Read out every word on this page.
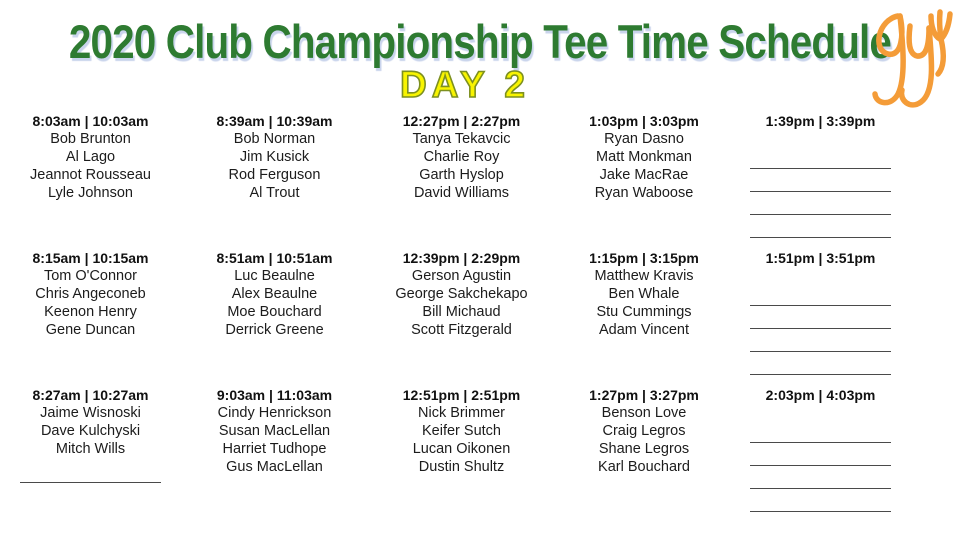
2020 Club Championship Tee Time Schedule
DAY 2
8:03am | 10:03am
Bob Brunton
Al Lago
Jeannot Rousseau
Lyle Johnson
8:39am | 10:39am
Bob Norman
Jim Kusick
Rod Ferguson
Al Trout
12:27pm | 2:27pm
Tanya Tekavcic
Charlie Roy
Garth Hyslop
David Williams
1:03pm | 3:03pm
Ryan Dasno
Matt Monkman
Jake MacRae
Ryan Waboose
1:39pm | 3:39pm
8:15am | 10:15am
Tom O'Connor
Chris Angeconeb
Keenon Henry
Gene Duncan
8:51am | 10:51am
Luc Beaulne
Alex Beaulne
Moe Bouchard
Derrick Greene
12:39pm | 2:29pm
Gerson Agustin
George Sakchekapo
Bill Michaud
Scott Fitzgerald
1:15pm | 3:15pm
Matthew Kravis
Ben Whale
Stu Cummings
Adam Vincent
1:51pm | 3:51pm
8:27am | 10:27am
Jaime Wisnoski
Dave Kulchyski
Mitch Wills
9:03am | 11:03am
Cindy Henrickson
Susan MacLellan
Harriet Tudhope
Gus MacLellan
12:51pm | 2:51pm
Nick Brimmer
Keifer Sutch
Lucan Oikonen
Dustin Shultz
1:27pm | 3:27pm
Benson Love
Craig Legros
Shane Legros
Karl Bouchard
2:03pm | 4:03pm
